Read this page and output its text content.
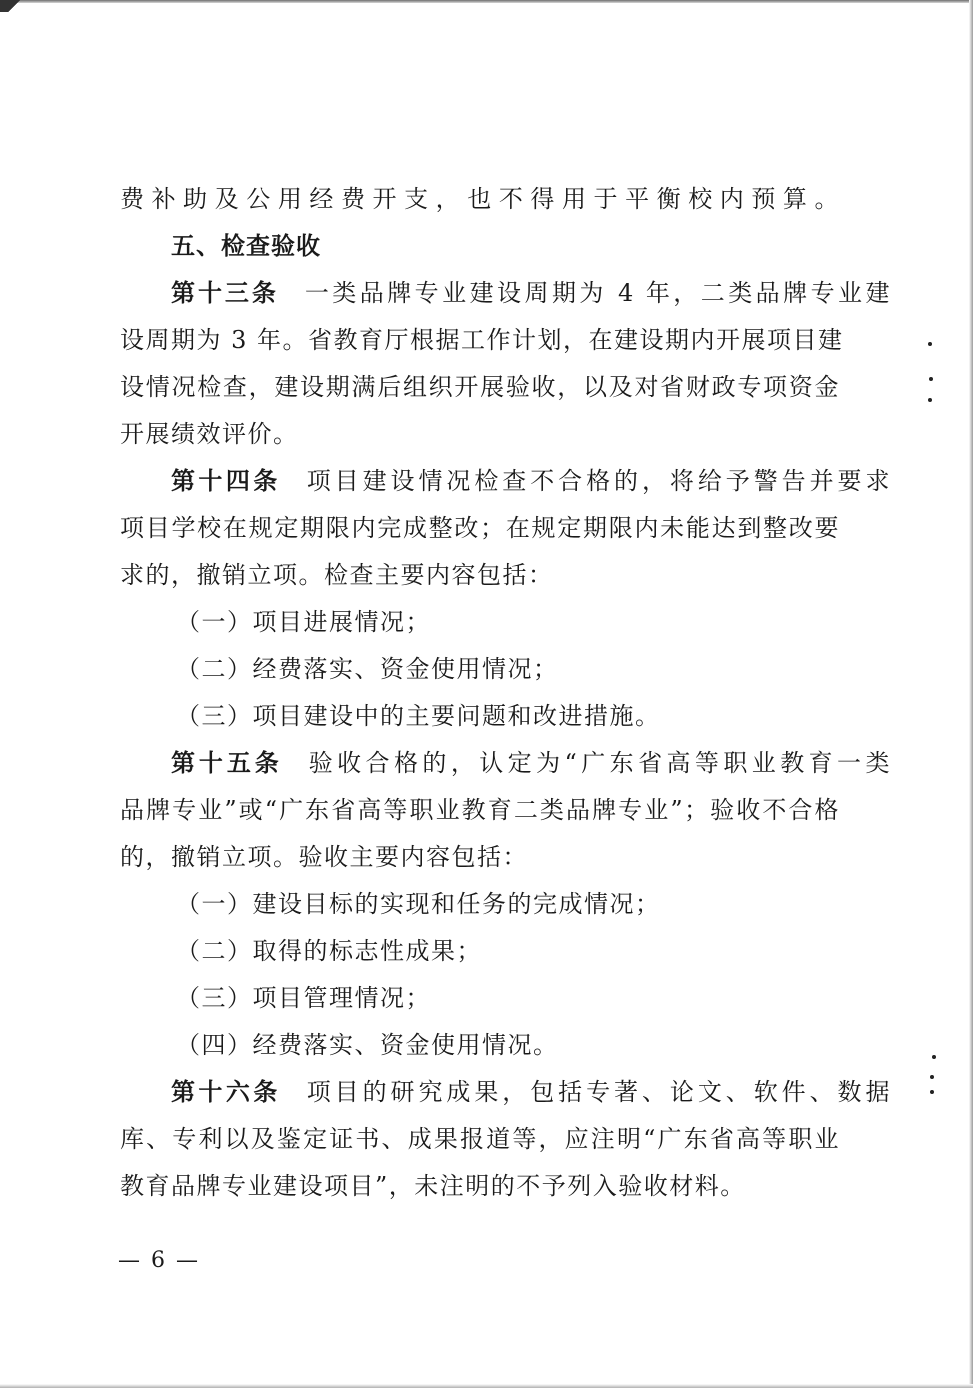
费补助及公用经费开支，也不得用于平衡校内预算。
五、检查验收
第十三条 一类品牌专业建设周期为 4 年，二类品牌专业建
设周期为 3 年。省教育厅根据工作计划，在建设期内开展项目建
设情况检查，建设期满后组织开展验收，以及对省财政专项资金
开展绩效评价。
第十四条 项目建设情况检查不合格的，将给予警告并要求
项目学校在规定期限内完成整改；在规定期限内未能达到整改要
求的，撤销立项。检查主要内容包括：
（一）项目进展情况；
（二）经费落实、资金使用情况；
（三）项目建设中的主要问题和改进措施。
第十五条 验收合格的，认定为“广东省高等职业教育一类
品牌专业”或“广东省高等职业教育二类品牌专业”；验收不合格
的，撤销立项。验收主要内容包括：
（一）建设目标的实现和任务的完成情况；
（二）取得的标志性成果；
（三）项目管理情况；
（四）经费落实、资金使用情况。
第十六条 项目的研究成果，包括专著、论文、软件、数据
库、专利以及鉴定证书、成果报道等，应注明“广东省高等职业
教育品牌专业建设项目”，未注明的不予列入验收材料。
— 6 —
